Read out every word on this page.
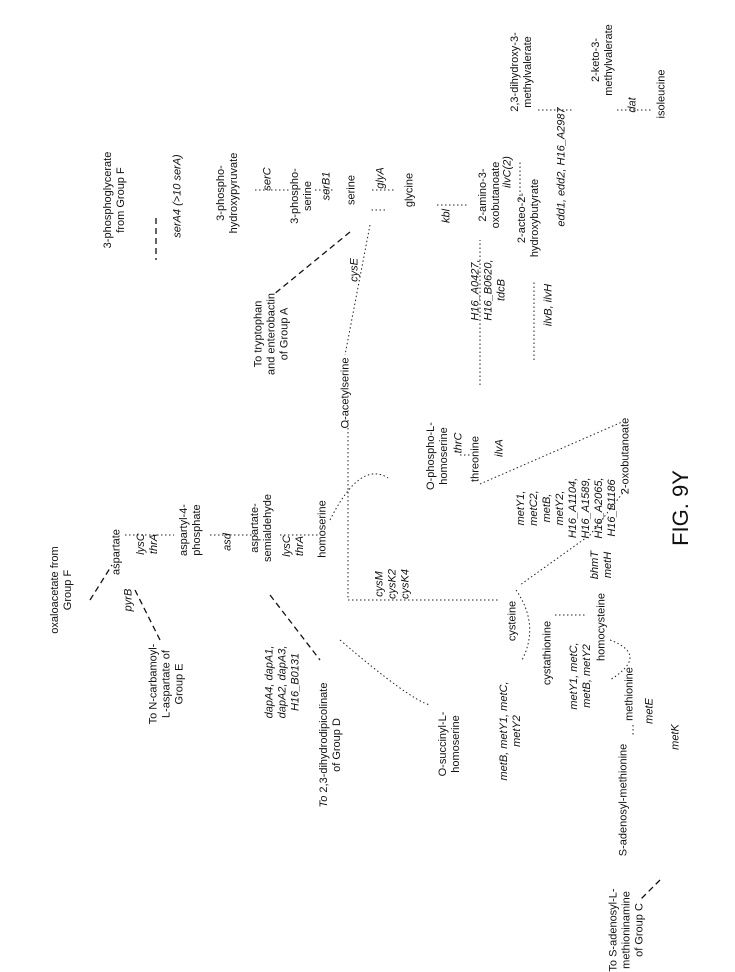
oxaloacetate from
Group F	aspartate	aspartyl-4-
phosphate	aspartate-
semialdehyde	homoserine
O-acetylserine
O-phospho-L-
homoserine threonine	2-oxobutanoate
cysteine cystathionine	homocysteine
methionine
O-succinyl-L-
homoserine	S-adenosyl-methionine
3-phosphoglycerate
from Group F	3-phospho-
hydroxypyruvate	3-phospho-
serine	serine	glycine	2-amino-3-
oxobutanoate 2-acteo-2-
hydroxybutyrate
2,3-dihydroxy-3-
methylvalerate	2-keto-3-
methylvalerate	isoleucine
To N-carbamoyl-
L-aspartate of
Group E
To 2,3-dihydrodipicolinate
of Group D
To tryptophan
and enterobactin
of Group A
To S-adenosyl-L-
methioninamine
of Group C
pyrB
lysC
thrA	asd	lysC
thrA
dapA4, dapA1,
dapA2, dapA3,
H16_B0131
cysM
cysK2
cysK4
metB, metY1, metC,
metY2
thrC	ilvA
metY1,
metC2,
metB,
metY2,
H16_A1104,
H16_A1589,
H16_A2065,
H16_B1186
metY1, metC,
metB, metY2
bhmT
metH
metE
metK
cysE
serA4 (>10 serA)	serC	serB1	glyA
kbl
H16_A0427,
H16_B0620,
tdcB	ilvB, ilvH
ilvC(2)	edd1, edd2, H16_A2987
dat
FIG. 9Y
